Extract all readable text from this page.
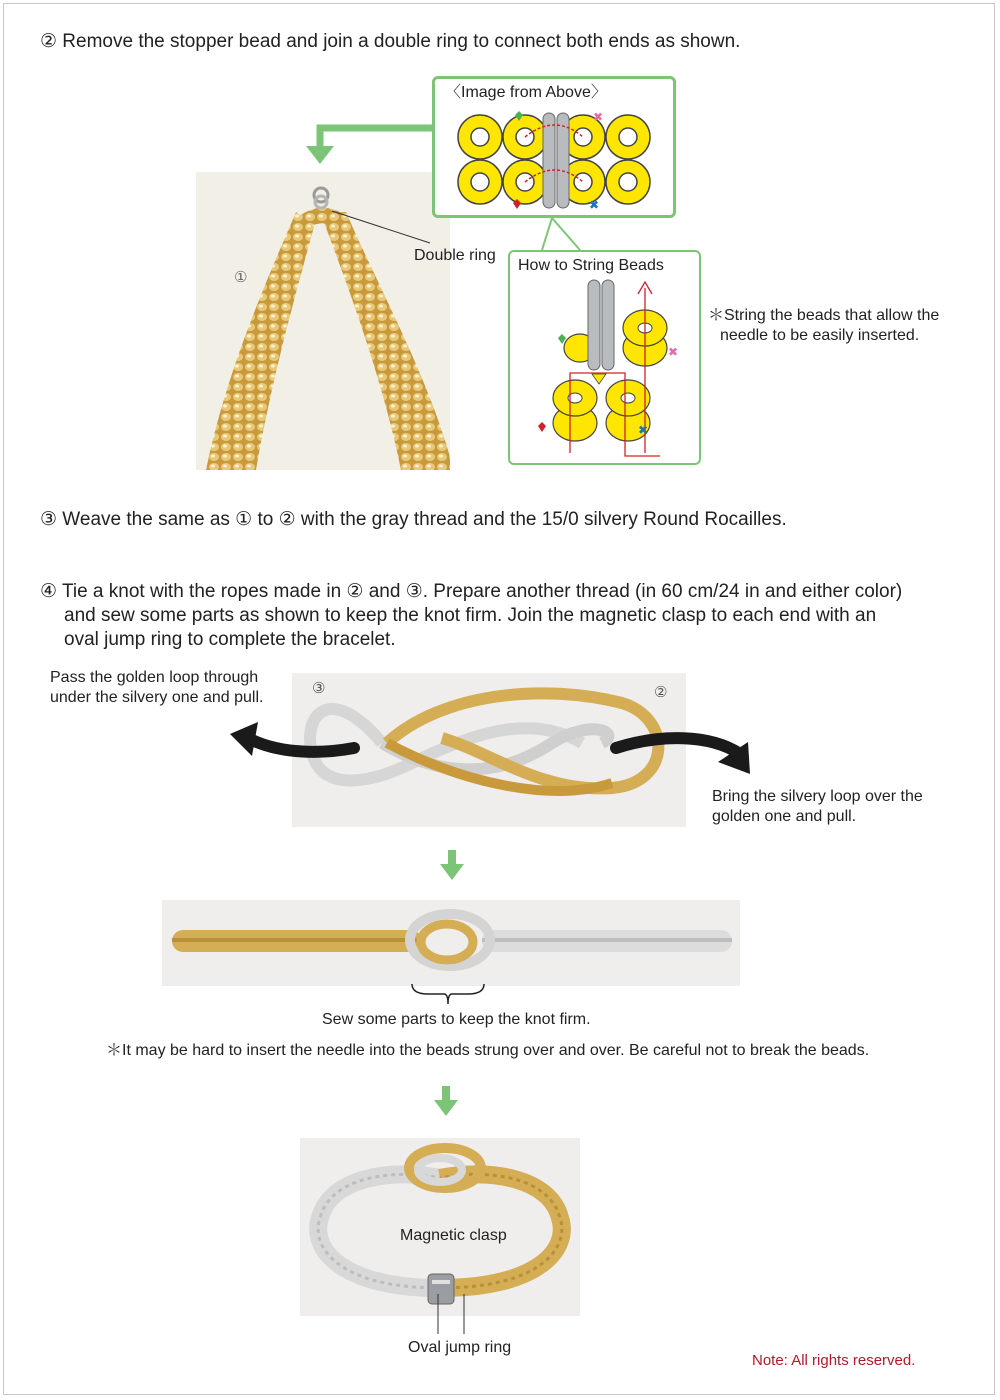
② Remove the stopper bead and join a double ring to connect both ends as shown.
①
Double ring
〈Image from Above〉
✖
✖
How to String Beads
✖
✖
＊String the beads that allow the
needle to be easily inserted.
③ Weave the same as ① to ② with the gray thread and the 15/0 silvery Round Rocailles.
④ Tie a knot with the ropes made in ② and ③. Prepare another thread (in 60 cm/24 in and either color)
and sew some parts as shown to keep the knot firm. Join the magnetic clasp to each end with an
oval jump ring to complete the bracelet.
Pass the golden loop through
under the silvery one and pull.
③	②
Bring the silvery loop over the
golden one and pull.
Sew some parts to keep the knot firm.
＊It may be hard to insert the needle into the beads strung over and over. Be careful not to break the beads.
Magnetic clasp
Oval jump ring
Note: All rights reserved.
